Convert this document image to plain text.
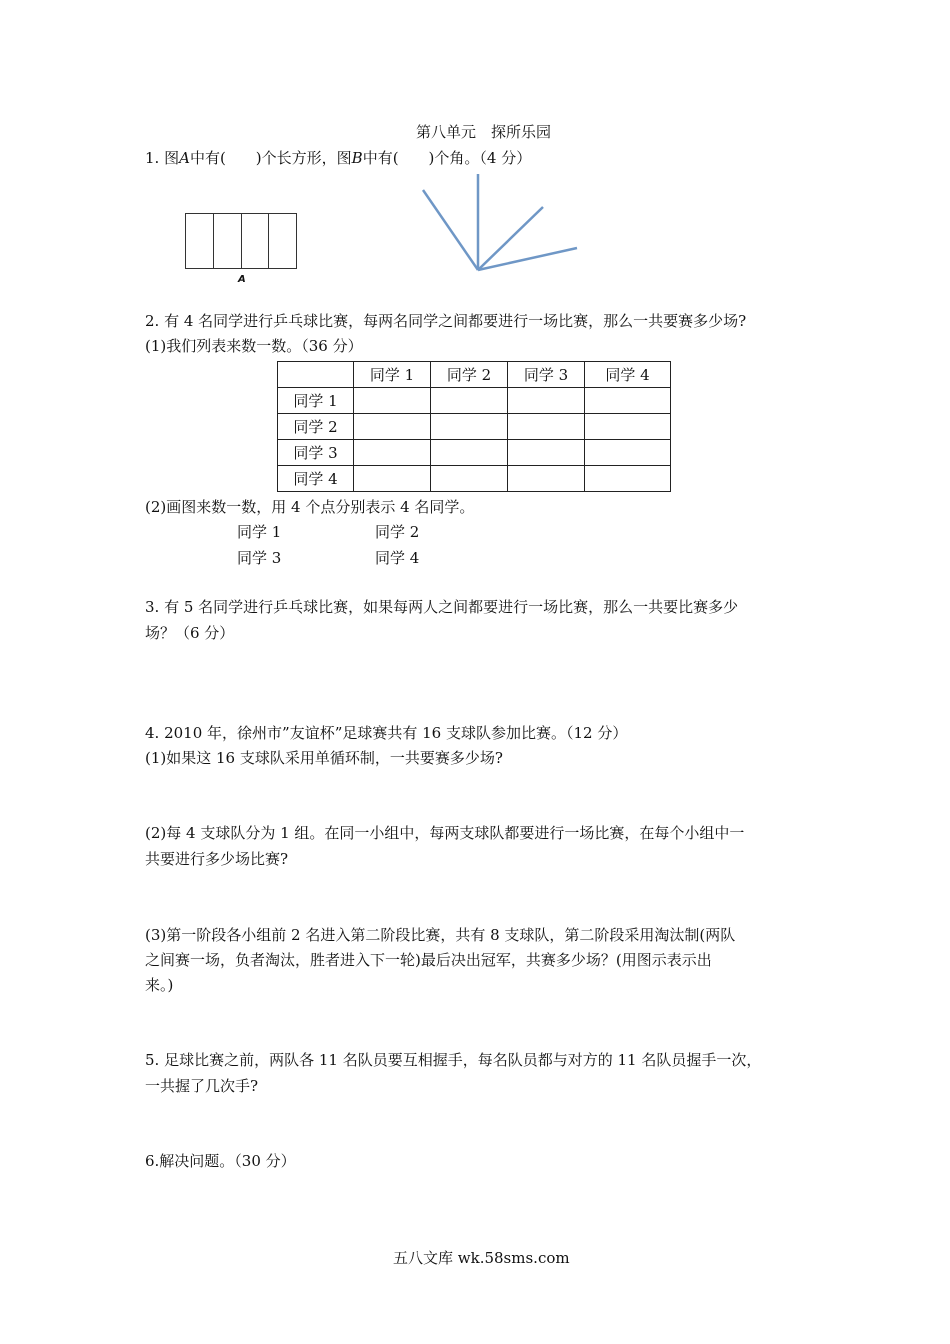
第八单元　探所乐园
1. 图A中有(　　)个长方形，图B中有(　　)个角。（4 分）
A
2. 有 4 名同学进行乒乓球比赛，每两名同学之间都要进行一场比赛，那么一共要赛多少场?
(1)我们列表来数一数。（36 分）
	同学 1	同学 2	同学 3	同学 4
同学 1				
同学 2				
同学 3				
同学 4				
(2)画图来数一数，用 4 个点分别表示 4 名同学。
同学 1	同学 2
同学 3	同学 4
3. 有 5 名同学进行乒乓球比赛，如果每两人之间都要进行一场比赛，那么一共要比赛多少
场？（6 分）
4. 2010 年，徐州市”友谊杯”足球赛共有 16 支球队参加比赛。（12 分）
(1)如果这 16 支球队采用单循环制，一共要赛多少场?
(2)每 4 支球队分为 1 组。在同一小组中，每两支球队都要进行一场比赛，在每个小组中一
共要进行多少场比赛?
(3)第一阶段各小组前 2 名进入第二阶段比赛，共有 8 支球队，第二阶段采用淘汰制(两队
之间赛一场，负者淘汰，胜者进入下一轮)最后决出冠军，共赛多少场？(用图示表示出
来。)
5. 足球比赛之前，两队各 11 名队员要互相握手，每名队员都与对方的 11 名队员握手一次，
一共握了几次手?
6.解决问题。（30 分）
五八文库 wk.58sms.com
